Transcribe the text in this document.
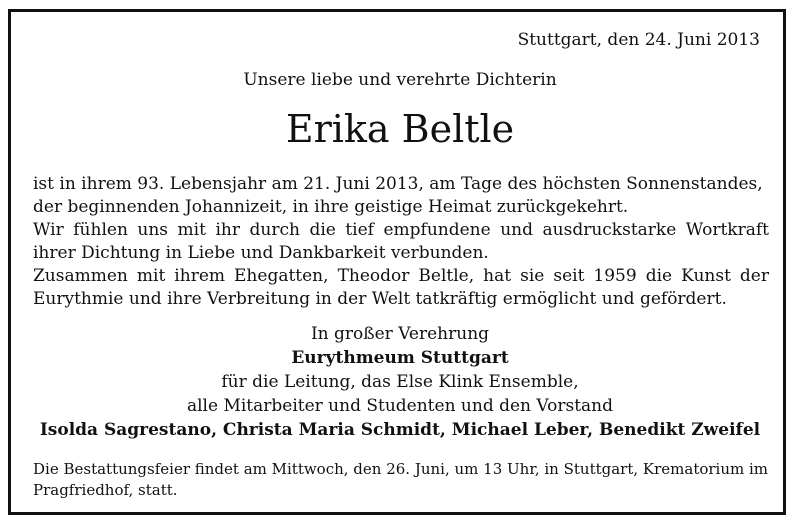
Stuttgart, den 24. Juni 2013
Unsere liebe und verehrte Dichterin
Erika Beltle

ist in ihrem 93. Lebensjahr am 21. Juni 2013, am Tage des höchsten Sonnenstandes, der beginnenden Johannizeit, in ihre geistige Heimat zurückgekehrt.

Wir fühlen uns mit ihr durch die tief empfundene und ausdruckstarke Wortkraft ihrer Dichtung in Liebe und Dankbarkeit verbunden.

Zusammen mit ihrem Ehegatten, Theodor Beltle, hat sie seit 1959 die Kunst der Eurythmie und ihre Verbreitung in der Welt tatkräftig ermöglicht und gefördert.

In großer Verehrung
Eurythmeum Stuttgart
für die Leitung, das Else Klink Ensemble,
alle Mitarbeiter und Studenten und den Vorstand
Isolda Sagrestano, Christa Maria Schmidt, Michael Leber, Benedikt Zweifel
Die Bestattungsfeier findet am Mittwoch, den 26. Juni, um 13 Uhr, in Stuttgart, Krematorium im Pragfriedhof, statt.
